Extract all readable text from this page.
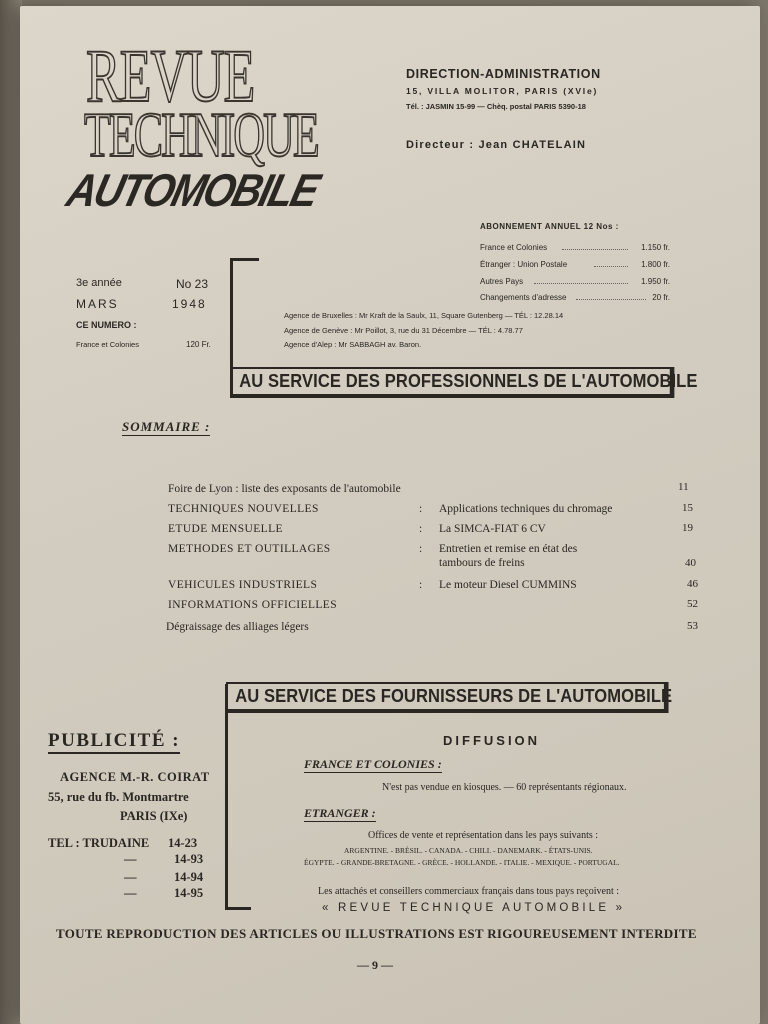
REVUE
TECHNIQUE
AUTOMOBILE
DIRECTION-ADMINISTRATION
15, VILLA MOLITOR, PARIS (XVIe)
Tél. : JASMIN 15-99 — Chèq. postal PARIS 5390-18
Directeur : Jean CHATELAIN
ABONNEMENT ANNUEL 12 Nos :
France et Colonies	1.150 fr.
Étranger : Union Postale	1.800 fr.
Autres Pays	1.950 fr.
Changements d'adresse	20 fr.
3e année	No 23
MARS	1948
CE NUMERO :
France et Colonies	120 Fr.
Agence de Bruxelles : Mr Kraft de la Saulx, 11, Square Gutenberg — TÉL : 12.28.14
Agence de Genève : Mr Poillot, 3, rue du 31 Décembre — TÉL : 4.78.77
Agence d'Alep : Mr SABBAGH av. Baron.
AU SERVICE DES PROFESSIONNELS DE L'AUTOMOBILE
SOMMAIRE :
Foire de Lyon : liste des exposants de l'automobile	11
TECHNIQUES NOUVELLES	: Applications techniques du chromage	15
ETUDE MENSUELLE	: La SIMCA-FIAT 6 CV	19
METHODES ET OUTILLAGES	: Entretien et remise en état des
tambours de freins	40
VEHICULES INDUSTRIELS	: Le moteur Diesel CUMMINS	46
INFORMATIONS OFFICIELLES	52
Dégraissage des alliages légers	53
AU SERVICE DES FOURNISSEURS DE L'AUTOMOBILE
PUBLICITÉ :
AGENCE M.-R. COIRAT
55, rue du fb. Montmartre
PARIS (IXe)
TEL : TRUDAINE 14-23
—	14-93
—	14-94
—	14-95
DIFFUSION
FRANCE ET COLONIES :
N'est pas vendue en kiosques. — 60 représentants régionaux.
ETRANGER :
Offices de vente et représentation dans les pays suivants :
ARGENTINE. - BRÉSIL. - CANADA. - CHILI. - DANEMARK. - ÉTATS-UNIS.
ÉGYPTE. - GRANDE-BRETAGNE. - GRÈCE. - HOLLANDE. - ITALIE. - MEXIQUE. - PORTUGAL.
Les attachés et conseillers commerciaux français dans tous pays reçoivent :
« REVUE TECHNIQUE AUTOMOBILE »
TOUTE REPRODUCTION DES ARTICLES OU ILLUSTRATIONS EST RIGOUREUSEMENT INTERDITE
— 9 —
